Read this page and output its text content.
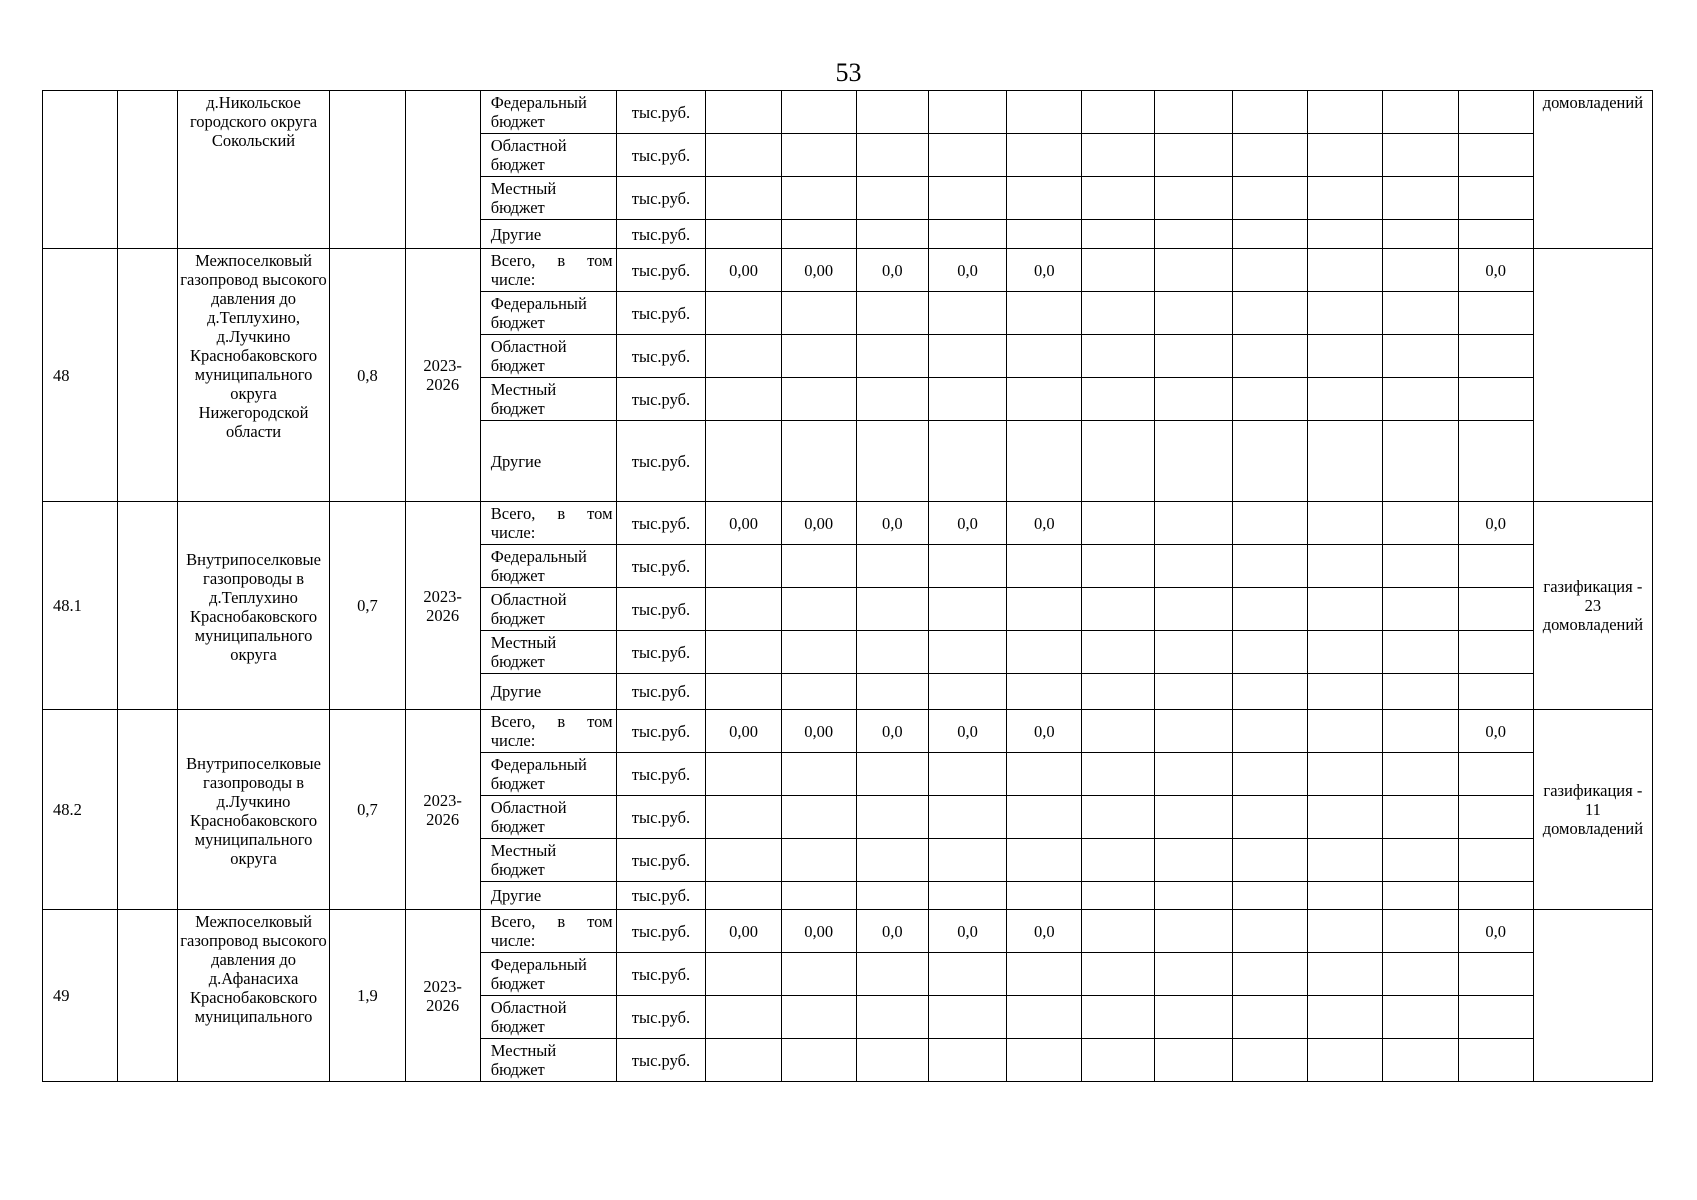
53
		д.Никольское городского округа Сокольский			Федеральный бюджет	тыс.руб.												домовладений
					Областной бюджет	тыс.руб.												
					Местный бюджет	тыс.руб.												
					Другие	тыс.руб.												
48		Межпоселковый газопровод высокого давления до д.Теплухино, д.Лучкино Краснобаковского муниципального округа Нижегородской области	0,8	2023-2026	Всего, в том числе:	тыс.руб.	0,00	0,00	0,0	0,0	0,0						0,0	
					Федеральный бюджет	тыс.руб.												
					Областной бюджет	тыс.руб.												
					Местный бюджет	тыс.руб.												
					Другие	тыс.руб.												
48.1		Внутрипоселковые газопроводы в д.Теплухино Краснобаковского муниципального округа	0,7	2023-2026	Всего, в том числе:	тыс.руб.	0,00	0,00	0,0	0,0	0,0						0,0	газификация - 23 домовладений
					Федеральный бюджет	тыс.руб.												
					Областной бюджет	тыс.руб.												
					Местный бюджет	тыс.руб.												
					Другие	тыс.руб.												
48.2		Внутрипоселковые газопроводы в д.Лучкино Краснобаковского муниципального округа	0,7	2023-2026	Всего, в том числе:	тыс.руб.	0,00	0,00	0,0	0,0	0,0						0,0	газификация - 11 домовладений
					Федеральный бюджет	тыс.руб.												
					Областной бюджет	тыс.руб.												
					Местный бюджет	тыс.руб.												
					Другие	тыс.руб.												
49		Межпоселковый газопровод высокого давления до д.Афанасиха Краснобаковского муниципального	1,9	2023-2026	Всего, в том числе:	тыс.руб.	0,00	0,00	0,0	0,0	0,0						0,0	
					Федеральный бюджет	тыс.руб.												
					Областной бюджет	тыс.руб.												
					Местный бюджет	тыс.руб.												
